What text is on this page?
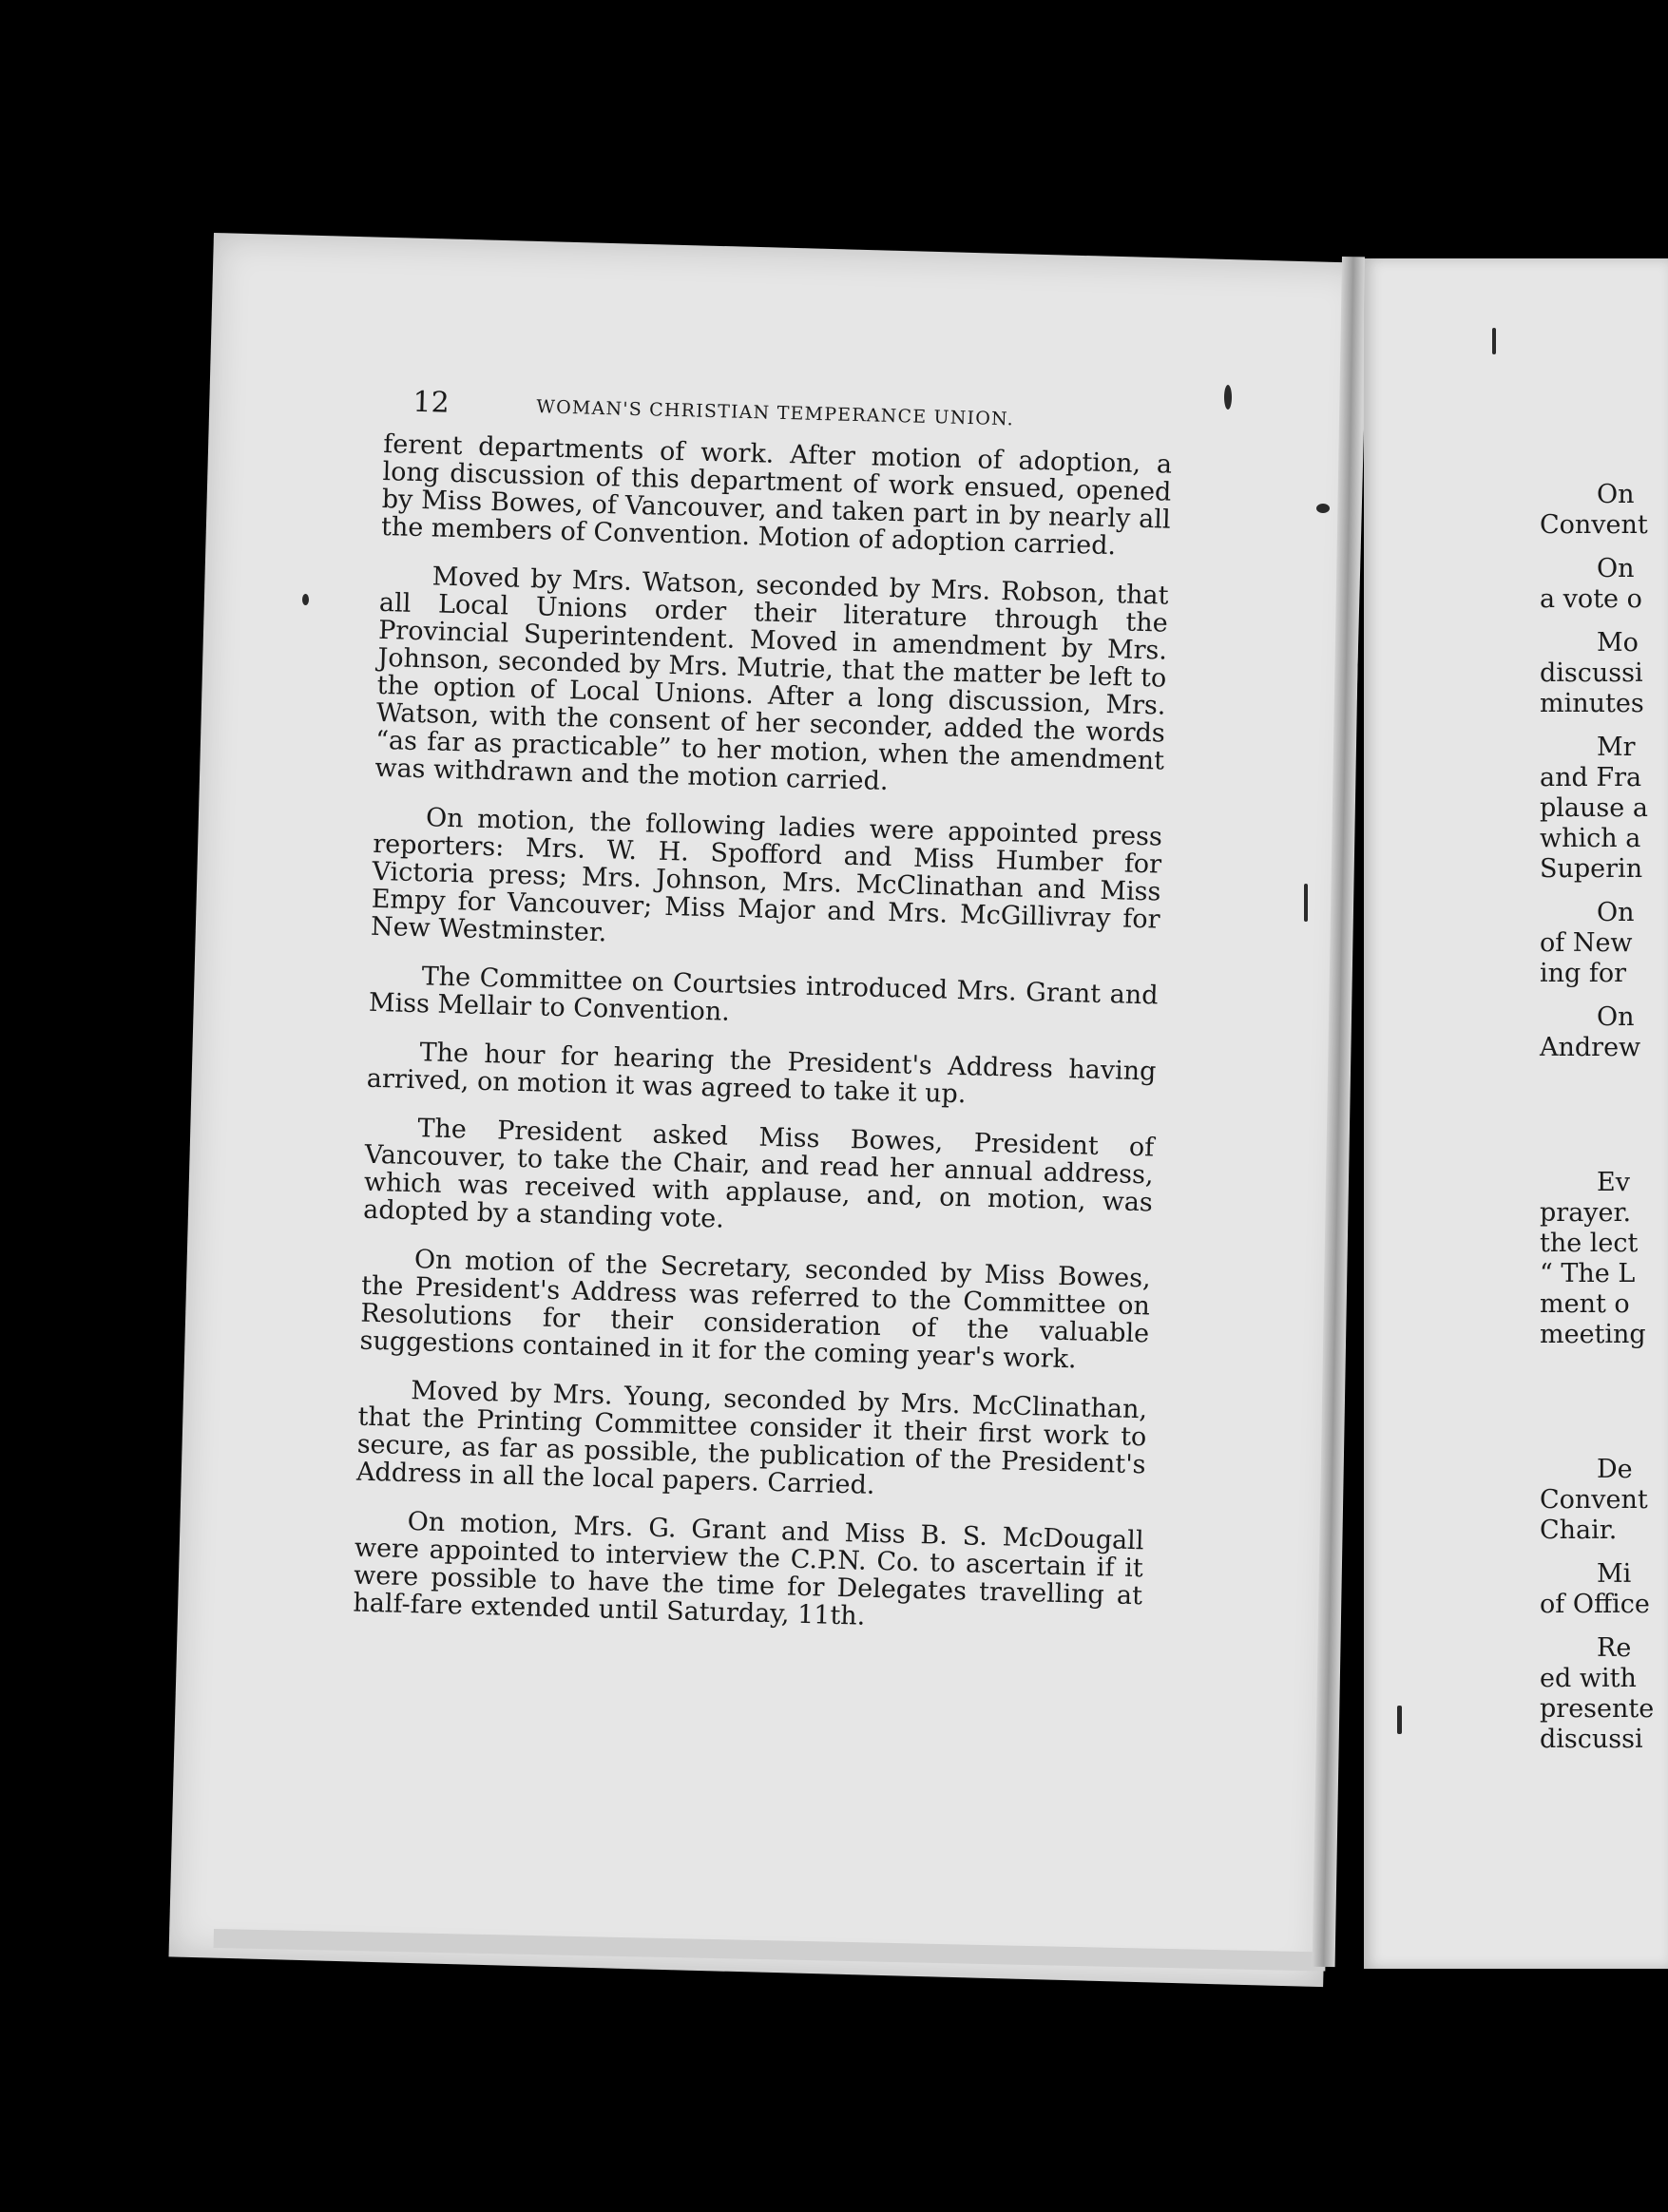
12	WOMAN'S CHRISTIAN TEMPERANCE UNION.

ferent departments of work. After motion of adoption, a long discussion of this department of work ensued, opened by Miss Bowes, of Vancouver, and taken part in by nearly all the members of Convention. Motion of adoption carried.

Moved by Mrs. Watson, seconded by Mrs. Robson, that all Local Unions order their literature through the Provincial Superintendent. Moved in amendment by Mrs. Johnson, seconded by Mrs. Mutrie, that the matter be left to the option of Local Unions. After a long discussion, Mrs. Watson, with the consent of her seconder, added the words “as far as practicable” to her motion, when the amendment was withdrawn and the motion carried.

On motion, the following ladies were appointed press reporters: Mrs. W. H. Spofford and Miss Humber for Victoria press; Mrs. Johnson, Mrs. McClinathan and Miss Empy for Vancouver; Miss Major and Mrs. McGillivray for New Westminster.

The Committee on Courtsies introduced Mrs. Grant and Miss Mellair to Convention.

The hour for hearing the President's Address having arrived, on motion it was agreed to take it up.

The President asked Miss Bowes, President of Vancouver, to take the Chair, and read her annual address, which was received with applause, and, on motion, was adopted by a standing vote.

On motion of the Secretary, seconded by Miss Bowes, the President's Address was referred to the Committee on Resolutions for their consideration of the valuable suggestions contained in it for the coming year's work.

Moved by Mrs. Young, seconded by Mrs. McClinathan, that the Printing Committee consider it their first work to secure, as far as possible, the publication of the President's Address in all the local papers. Carried.

On motion, Mrs. G. Grant and Miss B. S. McDougall were appointed to interview the C.P.N. Co. to ascertain if it were possible to have the time for Delegates travelling at half-fare extended until Saturday, 11th.

On
Convent
On
a vote o
Mo
discussi
minutes
Mr
and Fra
plause a
which a
Superin
On
of New
ing for
On
Andrew
Ev
prayer.
the lect
“ The L
ment o
meeting
De
Convent
Chair.
Mi
of Office
Re
ed with
presente
discussi
